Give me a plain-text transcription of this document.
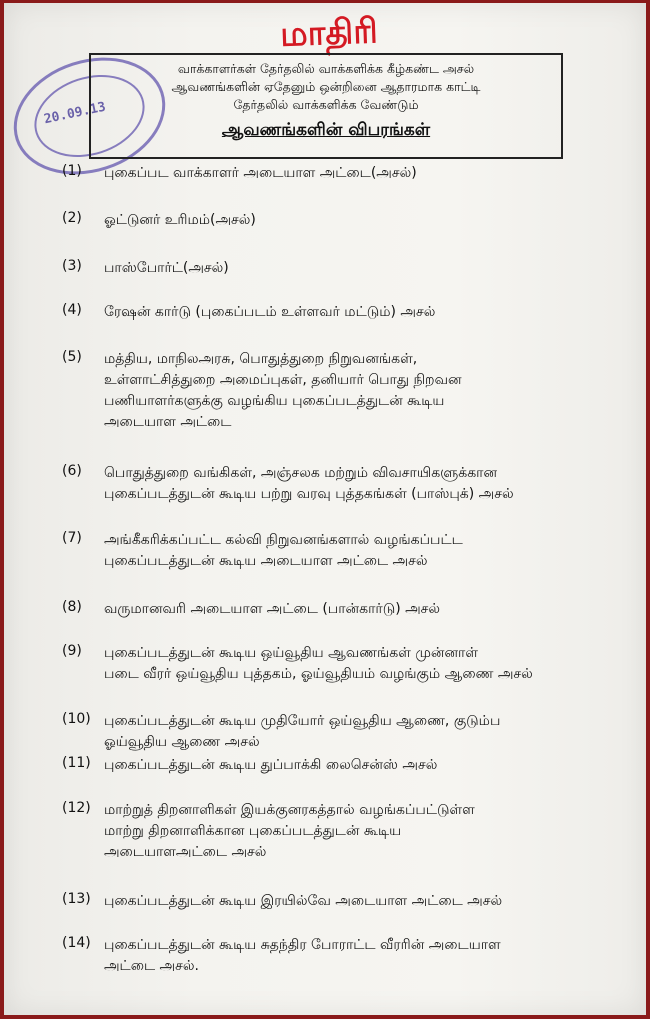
மாதிரி
20.09.13
வாக்காளர்கள் தேர்தலில் வாக்களிக்க கீழ்கண்ட அசல்
ஆவணங்களின் ஏதேனும் ஒன்றினை ஆதாரமாக காட்டி
தேர்தலில் வாக்களிக்க வேண்டும்
ஆவணங்களின் விபரங்கள்
(1)	புகைப்பட வாக்காளர் அடையாள அட்டை(அசல்)
(2)	ஓட்டுனர் உரிமம்(அசல்)
(3)	பாஸ்போர்ட்(அசல்)
(4)	ரேஷன் கார்டு (புகைப்படம் உள்ளவர் மட்டும்) அசல்
(5)	மத்திய, மாநிலஅரசு, பொதுத்துறை நிறுவனங்கள்,
உள்ளாட்சித்துறை அமைப்புகள், தனியார் பொது நிறவன
பணியாளர்களுக்கு வழங்கிய புகைப்படத்துடன் கூடிய
அடையாள அட்டை
(6)	பொதுத்துறை வங்கிகள், அஞ்சலக மற்றும் விவசாயிகளுக்கான
புகைப்படத்துடன் கூடிய பற்று வரவு புத்தகங்கள் (பாஸ்புக்) அசல்
(7)	அங்கீகரிக்கப்பட்ட கல்வி நிறுவனங்களால் வழங்கப்பட்ட
புகைப்படத்துடன் கூடிய அடையாள அட்டை அசல்
(8)	வருமானவரி அடையாள அட்டை (பான்கார்டு) அசல்
(9)	புகைப்படத்துடன் கூடிய ஒய்வூதிய ஆவணங்கள் முன்னாள்
படை வீரர் ஒய்வூதிய புத்தகம், ஓய்வூதியம் வழங்கும் ஆணை அசல்
(10) புகைப்படத்துடன் கூடிய முதியோர் ஒய்வூதிய ஆணை, குடும்ப
ஓய்வூதிய ஆணை அசல்
(11) புகைப்படத்துடன் கூடிய துப்பாக்கி லைசென்ஸ் அசல்
(12) மாற்றுத் திறனாளிகள் இயக்குனரகத்தால் வழங்கப்பட்டுள்ள
மாற்று திறனாளிக்கான புகைப்படத்துடன் கூடிய
அடையாளஅட்டை அசல்
(13) புகைப்படத்துடன் கூடிய இரயில்வே அடையாள அட்டை அசல்
(14) புகைப்படத்துடன் கூடிய சுதந்திர போராட்ட வீரரின் அடையாள
அட்டை அசல்.
